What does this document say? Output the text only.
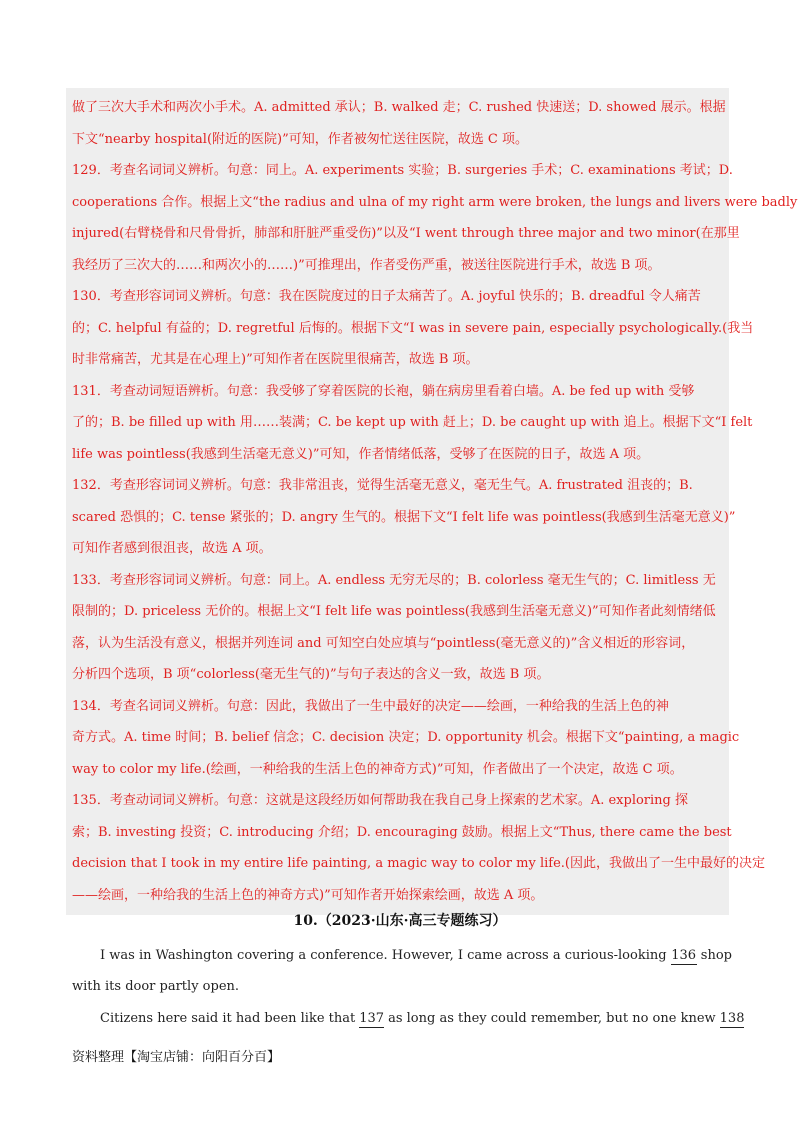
做了三次大手术和两次小手术。A. admitted 承认；B. walked 走；C. rushed 快速送；D. showed 展示。根据
下文“nearby hospital(附近的医院)”可知，作者被匆忙送往医院，故选 C 项。
129．考查名词词义辨析。句意：同上。A. experiments 实验；B. surgeries 手术；C. examinations 考试；D.
cooperations 合作。根据上文“the radius and ulna of my right arm were broken, the lungs and livers were badly
injured(右臂桡骨和尺骨骨折，肺部和肝脏严重受伤)”以及“I went through three major and two minor(在那里
我经历了三次大的……和两次小的……)”可推理出，作者受伤严重，被送往医院进行手术，故选 B 项。
130．考查形容词词义辨析。句意：我在医院度过的日子太痛苦了。A. joyful 快乐的；B. dreadful 令人痛苦
的；C. helpful 有益的；D. regretful 后悔的。根据下文“I was in severe pain, especially psychologically.(我当
时非常痛苦，尤其是在心理上)”可知作者在医院里很痛苦，故选 B 项。
131．考查动词短语辨析。句意：我受够了穿着医院的长袍，躺在病房里看着白墙。A. be fed up with 受够
了的；B. be filled up with 用……装满；C. be kept up with 赶上；D. be caught up with 追上。根据下文“I felt
life was pointless(我感到生活毫无意义)”可知，作者情绪低落，受够了在医院的日子，故选 A 项。
132．考查形容词词义辨析。句意：我非常沮丧，觉得生活毫无意义，毫无生气。A. frustrated 沮丧的；B.
scared 恐惧的；C. tense 紧张的；D. angry 生气的。根据下文“I felt life was pointless(我感到生活毫无意义)”
可知作者感到很沮丧，故选 A 项。
133．考查形容词词义辨析。句意：同上。A. endless 无穷无尽的；B. colorless 毫无生气的；C. limitless 无
限制的；D. priceless 无价的。根据上文“I felt life was pointless(我感到生活毫无意义)”可知作者此刻情绪低
落，认为生活没有意义，根据并列连词 and 可知空白处应填与“pointless(毫无意义的)”含义相近的形容词，
分析四个选项，B 项“colorless(毫无生气的)”与句子表达的含义一致，故选 B 项。
134．考查名词词义辨析。句意：因此，我做出了一生中最好的决定——绘画，一种给我的生活上色的神
奇方式。A. time 时间；B. belief 信念；C. decision 决定；D. opportunity 机会。根据下文“painting, a magic
way to color my life.(绘画，一种给我的生活上色的神奇方式)”可知，作者做出了一个决定，故选 C 项。
135．考查动词词义辨析。句意：这就是这段经历如何帮助我在我自己身上探索的艺术家。A. exploring 探
索；B. investing 投资；C. introducing 介绍；D. encouraging 鼓励。根据上文“Thus, there came the best
decision that I took in my entire life painting, a magic way to color my life.(因此，我做出了一生中最好的决定
——绘画，一种给我的生活上色的神奇方式)”可知作者开始探索绘画，故选 A 项。
10.（2023·山东·高三专题练习）
I was in Washington covering a conference. However, I came across a curious-looking 136 shop
with its door partly open.
Citizens here said it had been like that 137 as long as they could remember, but no one knew 138
资料整理【淘宝店铺：向阳百分百】
